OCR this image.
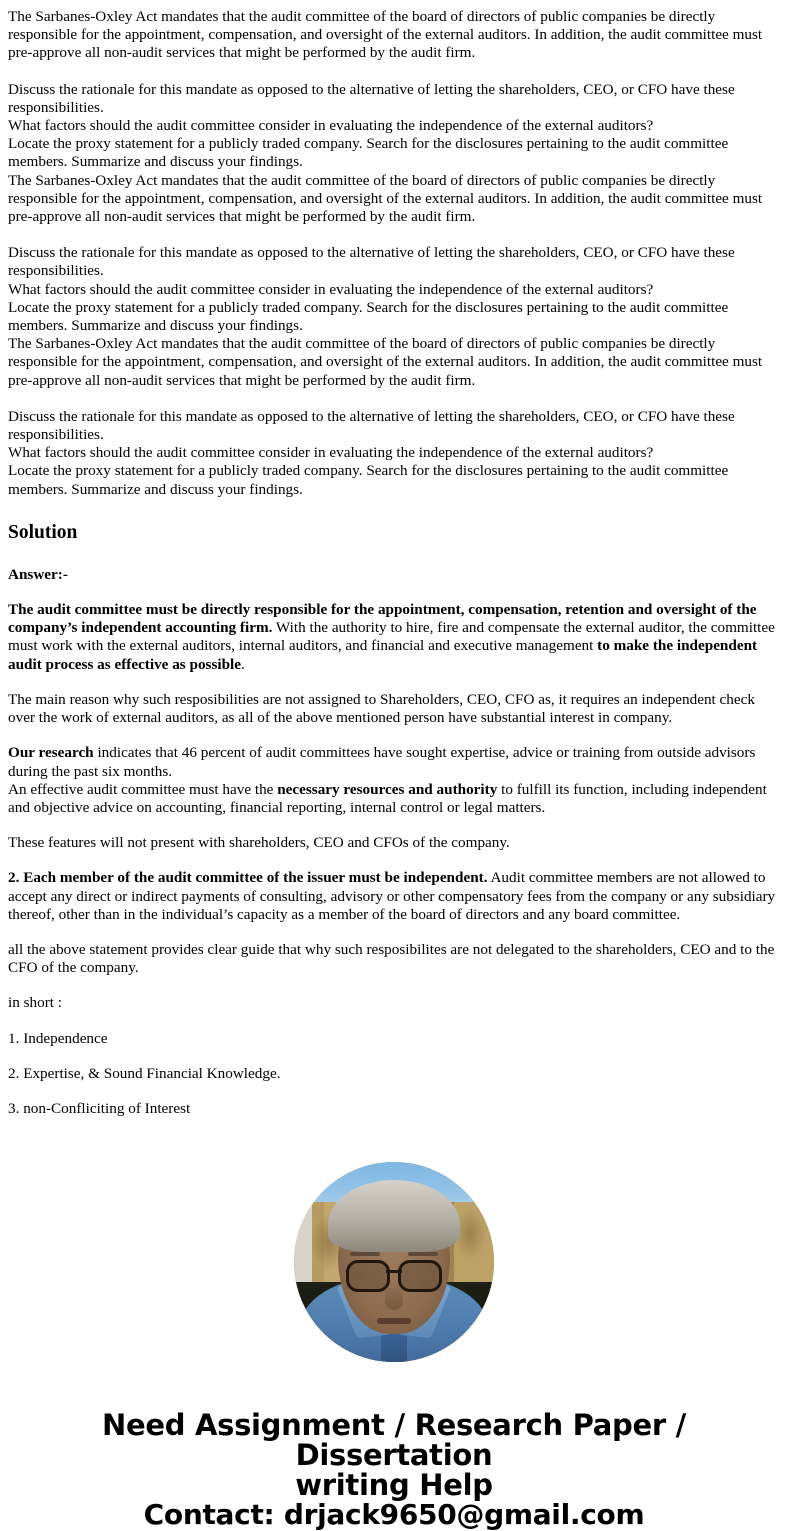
The Sarbanes-Oxley Act mandates that the audit committee of the board of directors of public companies be directly responsible for the appointment, compensation, and oversight of the external auditors. In addition, the audit committee must pre-approve all non-audit services that might be performed by the audit firm.

Discuss the rationale for this mandate as opposed to the alternative of letting the shareholders, CEO, or CFO have these responsibilities.

What factors should the audit committee consider in evaluating the independence of the external auditors?

Locate the proxy statement for a publicly traded company. Search for the disclosures pertaining to the audit committee members. Summarize and discuss your findings.

The Sarbanes-Oxley Act mandates that the audit committee of the board of directors of public companies be directly responsible for the appointment, compensation, and oversight of the external auditors. In addition, the audit committee must pre-approve all non-audit services that might be performed by the audit firm.

Discuss the rationale for this mandate as opposed to the alternative of letting the shareholders, CEO, or CFO have these responsibilities.

What factors should the audit committee consider in evaluating the independence of the external auditors?

Locate the proxy statement for a publicly traded company. Search for the disclosures pertaining to the audit committee members. Summarize and discuss your findings.

The Sarbanes-Oxley Act mandates that the audit committee of the board of directors of public companies be directly responsible for the appointment, compensation, and oversight of the external auditors. In addition, the audit committee must pre-approve all non-audit services that might be performed by the audit firm.

Discuss the rationale for this mandate as opposed to the alternative of letting the shareholders, CEO, or CFO have these responsibilities.

What factors should the audit committee consider in evaluating the independence of the external auditors?

Locate the proxy statement for a publicly traded company. Search for the disclosures pertaining to the audit committee members. Summarize and discuss your findings.

Solution

Answer:-

The audit committee must be directly responsible for the appointment, compensation, retention and oversight of the company’s independent accounting firm. With the authority to hire, fire and compensate the external auditor, the committee must work with the external auditors, internal auditors, and financial and executive management to make the independent audit process as effective as possible.

The main reason why such resposibilities are not assigned to Shareholders, CEO, CFO as, it requires an independent check over the work of external auditors, as all of the above mentioned person have substantial interest in company.

Our research indicates that 46 percent of audit committees have sought expertise, advice or training from outside advisors during the past six months.

An effective audit committee must have the necessary resources and authority to fulfill its function, including independent and objective advice on accounting, financial reporting, internal control or legal matters.

These features will not present with shareholders, CEO and CFOs of the company.

2. Each member of the audit committee of the issuer must be independent. Audit committee members are not allowed to accept any direct or indirect payments of consulting, advisory or other compensatory fees from the company or any subsidiary thereof, other than in the individual’s capacity as a member of the board of directors and any board committee.

all the above statement provides clear guide that why such resposibilites are not delegated to the shareholders, CEO and to the CFO of the company.

in short :

1. Independence

2. Expertise, & Sound Financial Knowledge.

3. non-Confliciting of Interest

Need Assignment / Research Paper / Dissertation
writing Help
Contact: drjack9650@gmail.com
